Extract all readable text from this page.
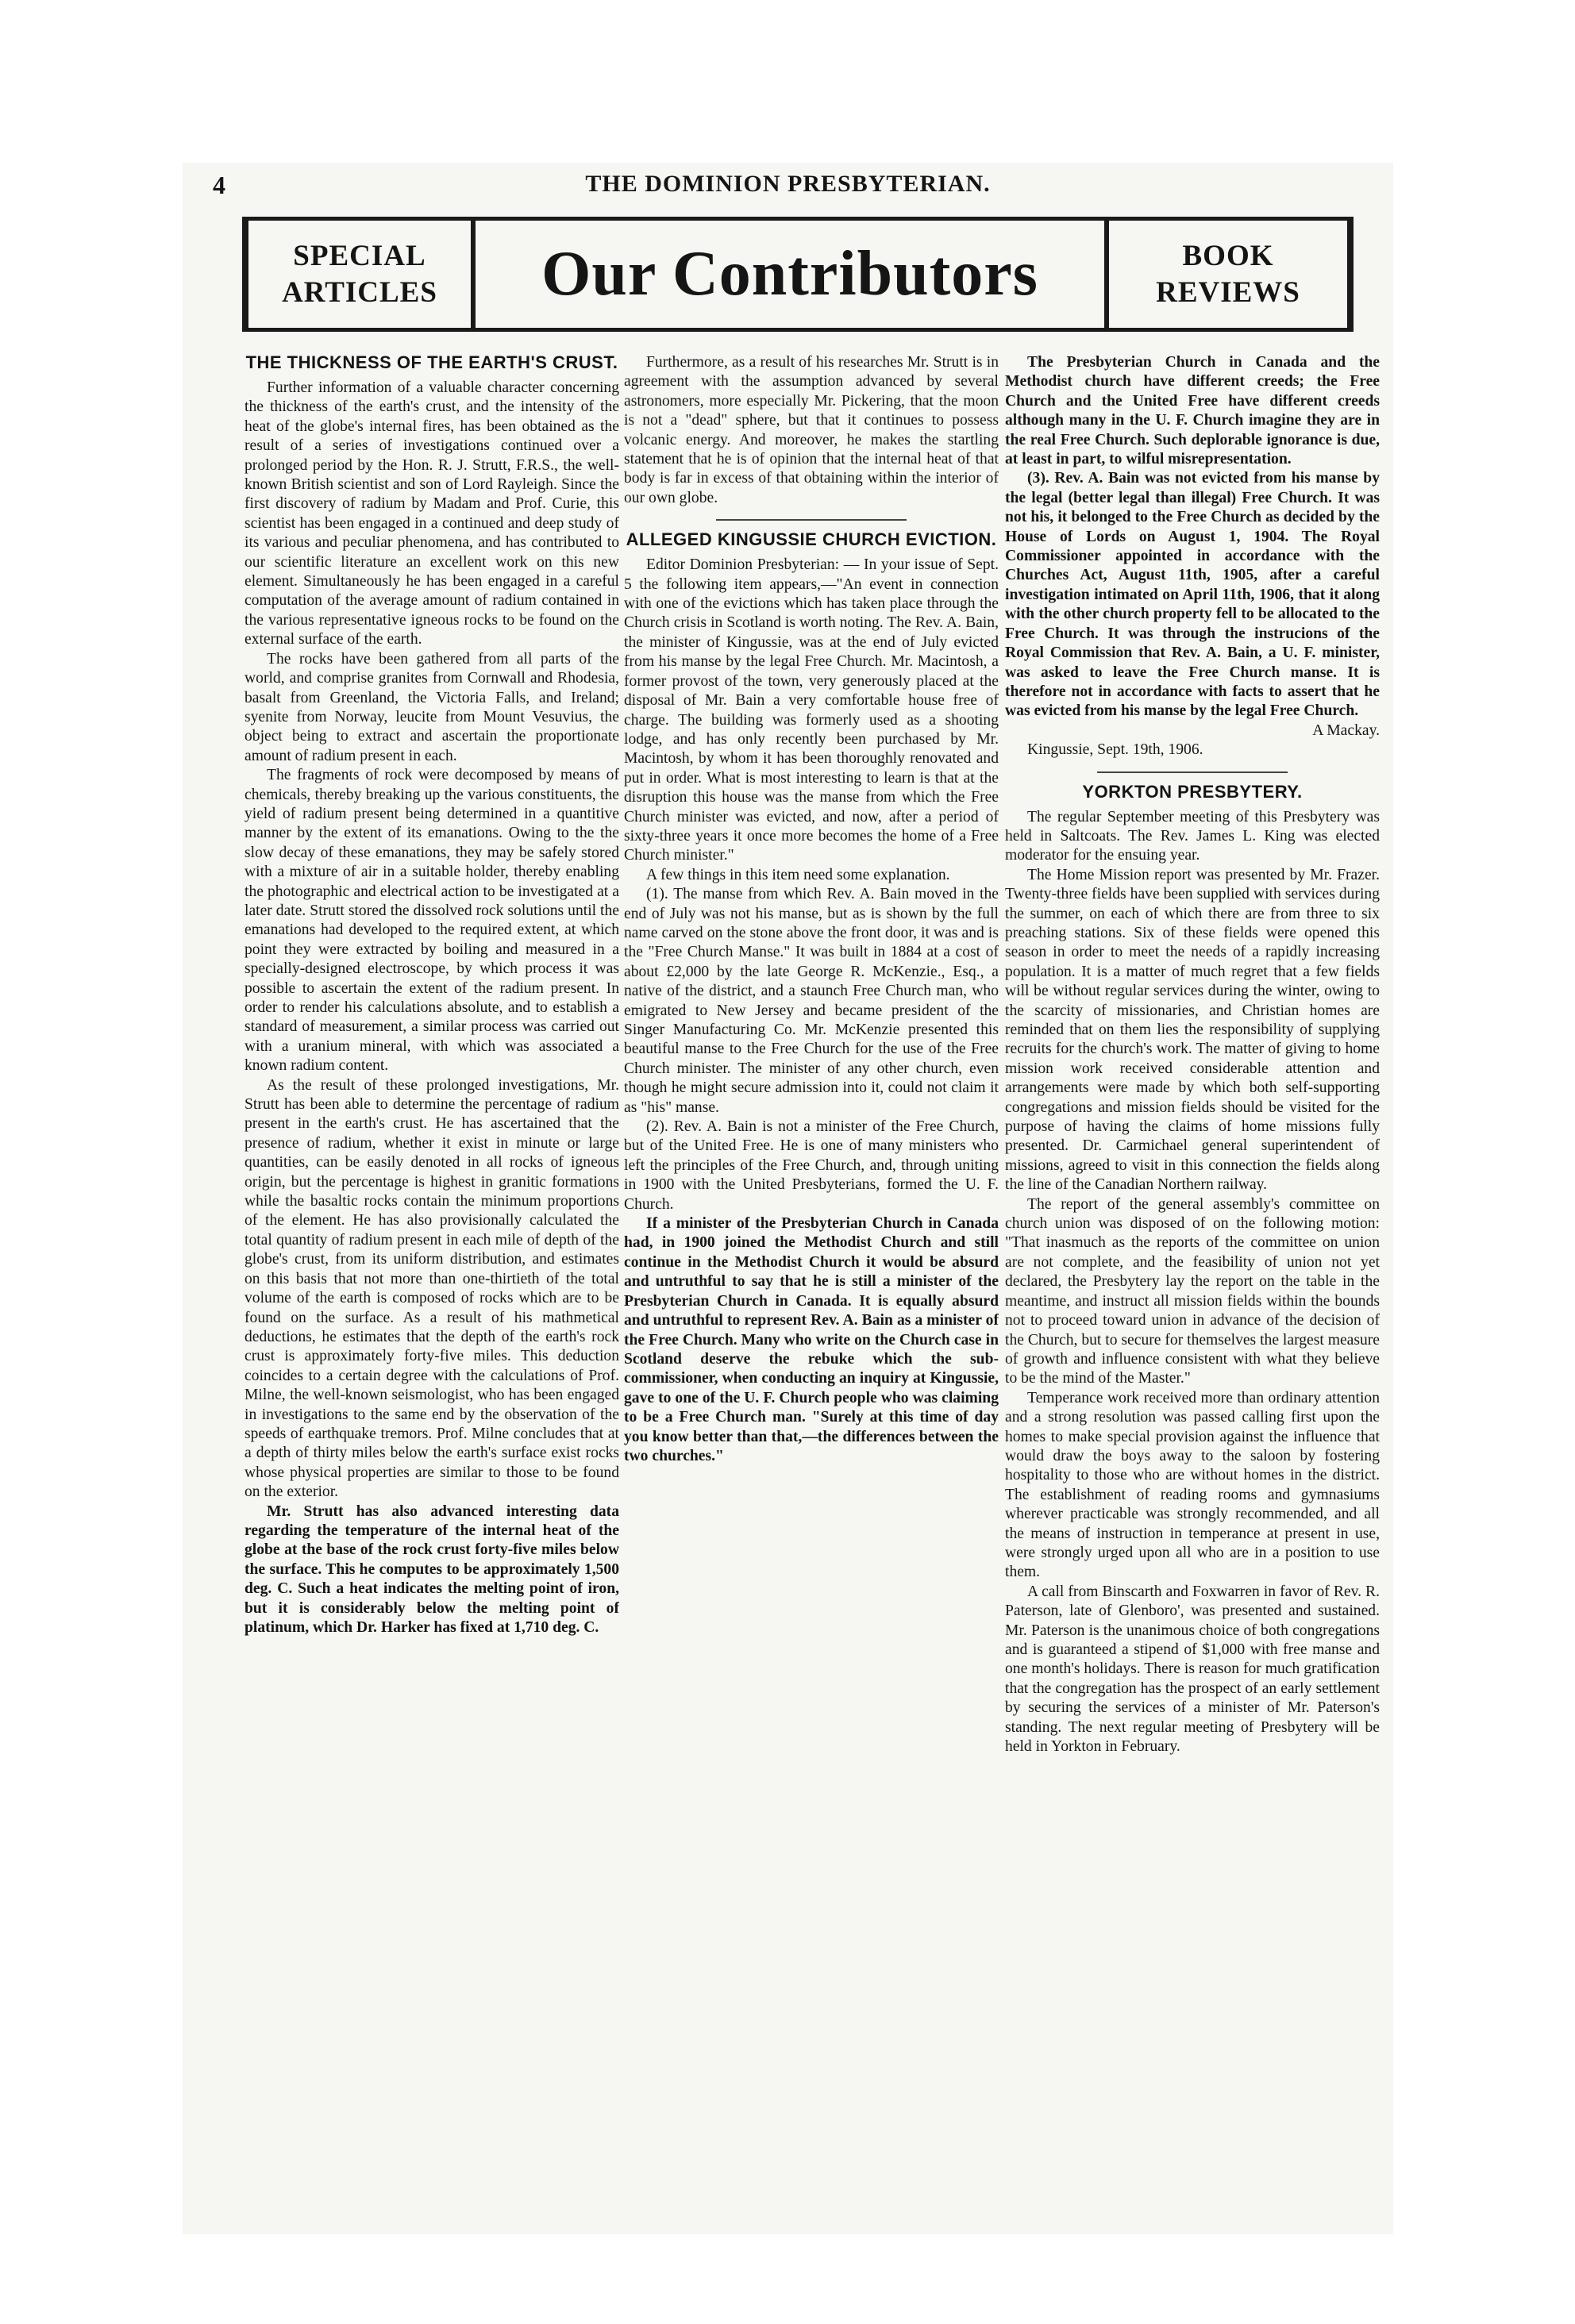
4	THE DOMINION PRESBYTERIAN.
SPECIAL
ARTICLES	Our Contributors	BOOK
REVIEWS
THE THICKNESS OF THE EARTH'S CRUST.

Further information of a valuable character concerning the thickness of the earth's crust, and the intensity of the heat of the globe's internal fires, has been obtained as the result of a series of investigations continued over a prolonged period by the Hon. R. J. Strutt, F.R.S., the well-known British scientist and son of Lord Rayleigh. Since the first discovery of radium by Madam and Prof. Curie, this scientist has been engaged in a continued and deep study of its various and peculiar phenomena, and has contributed to our scientific literature an excellent work on this new element. Simultaneously he has been engaged in a careful computation of the average amount of radium contained in the various representative igneous rocks to be found on the external surface of the earth.

The rocks have been gathered from all parts of the world, and comprise granites from Cornwall and Rhodesia, basalt from Greenland, the Victoria Falls, and Ireland; syenite from Norway, leucite from Mount Vesuvius, the object being to extract and ascertain the proportionate amount of radium present in each.

The fragments of rock were decomposed by means of chemicals, thereby breaking up the various constituents, the yield of radium present being determined in a quantitive manner by the extent of its emanations. Owing to the the slow decay of these emanations, they may be safely stored with a mixture of air in a suitable holder, thereby enabling the photographic and electrical action to be investigated at a later date. Strutt stored the dissolved rock solutions until the emanations had developed to the required extent, at which point they were extracted by boiling and measured in a specially-designed electroscope, by which process it was possible to ascertain the extent of the radium present. In order to render his calculations absolute, and to establish a standard of measurement, a similar process was carried out with a uranium mineral, with which was associated a known radium content.

As the result of these prolonged investigations, Mr. Strutt has been able to determine the percentage of radium present in the earth's crust. He has ascertained that the presence of radium, whether it exist in minute or large quantities, can be easily denoted in all rocks of igneous origin, but the percentage is highest in granitic formations while the basaltic rocks contain the minimum proportions of the element. He has also provisionally calculated the total quantity of radium present in each mile of depth of the globe's crust, from its uniform distribution, and estimates on this basis that not more than one-thirtieth of the total volume of the earth is composed of rocks which are to be found on the surface. As a result of his mathmetical deductions, he estimates that the depth of the earth's rock crust is approximately forty-five miles. This deduction coincides to a certain degree with the calculations of Prof. Milne, the well-known seismologist, who has been engaged in investigations to the same end by the observation of the speeds of earthquake tremors. Prof. Milne concludes that at a depth of thirty miles below the earth's surface exist rocks whose physical properties are similar to those to be found on the exterior.

Mr. Strutt has also advanced interesting data regarding the temperature of the internal heat of the globe at the base of the rock crust forty-five miles below the surface. This he computes to be approximately 1,500 deg. C. Such a heat indicates the melting point of iron, but it is considerably below the melting point of platinum, which Dr. Harker has fixed at 1,710 deg. C.

Furthermore, as a result of his researches Mr. Strutt is in agreement with the assumption advanced by several astronomers, more especially Mr. Pickering, that the moon is not a "dead" sphere, but that it continues to possess volcanic energy. And moreover, he makes the startling statement that he is of opinion that the internal heat of that body is far in excess of that obtaining within the interior of our own globe.

ALLEGED KINGUSSIE CHURCH EVICTION.

Editor Dominion Presbyterian: — In your issue of Sept. 5 the following item appears,—"An event in connection with one of the evictions which has taken place through the Church crisis in Scotland is worth noting. The Rev. A. Bain, the minister of Kingussie, was at the end of July evicted from his manse by the legal Free Church. Mr. Macintosh, a former provost of the town, very generously placed at the disposal of Mr. Bain a very comfortable house free of charge. The building was formerly used as a shooting lodge, and has only recently been purchased by Mr. Macintosh, by whom it has been thoroughly renovated and put in order. What is most interesting to learn is that at the disruption this house was the manse from which the Free Church minister was evicted, and now, after a period of sixty-three years it once more becomes the home of a Free Church minister."

A few things in this item need some explanation.

(1). The manse from which Rev. A. Bain moved in the end of July was not his manse, but as is shown by the full name carved on the stone above the front door, it was and is the "Free Church Manse." It was built in 1884 at a cost of about £2,000 by the late George R. McKenzie., Esq., a native of the district, and a staunch Free Church man, who emigrated to New Jersey and became president of the Singer Manufacturing Co. Mr. McKenzie presented this beautiful manse to the Free Church for the use of the Free Church minister. The minister of any other church, even though he might secure admission into it, could not claim it as "his" manse.

(2). Rev. A. Bain is not a minister of the Free Church, but of the United Free. He is one of many ministers who left the principles of the Free Church, and, through uniting in 1900 with the United Presbyterians, formed the U. F. Church.

If a minister of the Presbyterian Church in Canada had, in 1900 joined the Methodist Church and still continue in the Methodist Church it would be absurd and untruthful to say that he is still a minister of the Presbyterian Church in Canada. It is equally absurd and untruthful to represent Rev. A. Bain as a minister of the Free Church. Many who write on the Church case in Scotland deserve the rebuke which the sub-commissioner, when conducting an inquiry at Kingussie, gave to one of the U. F. Church people who was claiming to be a Free Church man. "Surely at this time of day you know better than that,—the differences between the two churches."

The Presbyterian Church in Canada and the Methodist church have different creeds; the Free Church and the United Free have different creeds although many in the U. F. Church imagine they are in the real Free Church. Such deplorable ignorance is due, at least in part, to wilful misrepresentation.

(3). Rev. A. Bain was not evicted from his manse by the legal (better legal than illegal) Free Church. It was not his, it belonged to the Free Church as decided by the House of Lords on August 1, 1904. The Royal Commissioner appointed in accordance with the Churches Act, August 11th, 1905, after a careful investigation intimated on April 11th, 1906, that it along with the other church property fell to be allocated to the Free Church. It was through the instrucions of the Royal Commission that Rev. A. Bain, a U. F. minister, was asked to leave the Free Church manse. It is therefore not in accordance with facts to assert that he was evicted from his manse by the legal Free Church.

A Mackay.

Kingussie, Sept. 19th, 1906.

YORKTON PRESBYTERY.

The regular September meeting of this Presbytery was held in Saltcoats. The Rev. James L. King was elected moderator for the ensuing year.

The Home Mission report was presented by Mr. Frazer. Twenty-three fields have been supplied with services during the summer, on each of which there are from three to six preaching stations. Six of these fields were opened this season in order to meet the needs of a rapidly increasing population. It is a matter of much regret that a few fields will be without regular services during the winter, owing to the scarcity of missionaries, and Christian homes are reminded that on them lies the responsibility of supplying recruits for the church's work. The matter of giving to home mission work received considerable attention and arrangements were made by which both self-supporting congregations and mission fields should be visited for the purpose of having the claims of home missions fully presented. Dr. Carmichael general superintendent of missions, agreed to visit in this connection the fields along the line of the Canadian Northern railway.

The report of the general assembly's committee on church union was disposed of on the following motion: "That inasmuch as the reports of the committee on union are not complete, and the feasibility of union not yet declared, the Presbytery lay the report on the table in the meantime, and instruct all mission fields within the bounds not to proceed toward union in advance of the decision of the Church, but to secure for themselves the largest measure of growth and influence consistent with what they believe to be the mind of the Master."

Temperance work received more than ordinary attention and a strong resolution was passed calling first upon the homes to make special provision against the influence that would draw the boys away to the saloon by fostering hospitality to those who are without homes in the district. The establishment of reading rooms and gymnasiums wherever practicable was strongly recommended, and all the means of instruction in temperance at present in use, were strongly urged upon all who are in a position to use them.

A call from Binscarth and Foxwarren in favor of Rev. R. Paterson, late of Glenboro', was presented and sustained. Mr. Paterson is the unanimous choice of both congregations and is guaranteed a stipend of $1,000 with free manse and one month's holidays. There is reason for much gratification that the congregation has the prospect of an early settlement by securing the services of a minister of Mr. Paterson's standing. The next regular meeting of Presbytery will be held in Yorkton in February.
